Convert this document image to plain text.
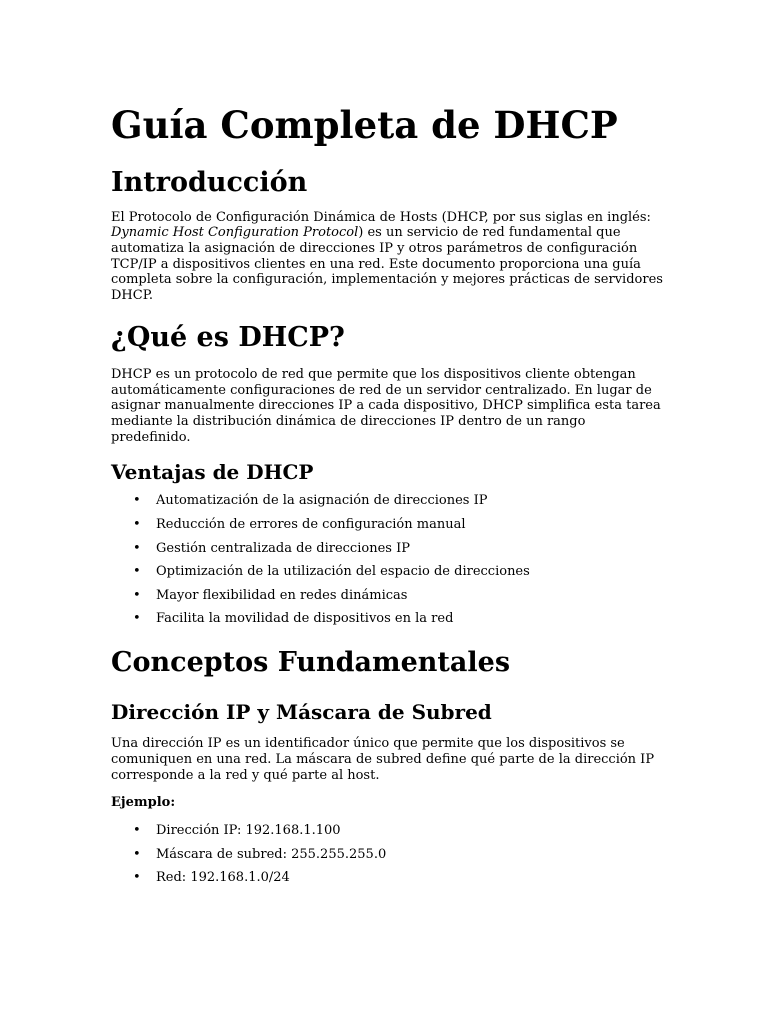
Guía Completa de DHCP
Introducción

El Protocolo de Configuración Dinámica de Hosts (DHCP, por sus siglas en inglés: Dynamic Host Configuration Protocol) es un servicio de red fundamental que automatiza la asignación de direcciones IP y otros parámetros de configuración TCP/IP a dispositivos clientes en una red. Este documento proporciona una guía completa sobre la configuración, implementación y mejores prácticas de servidores DHCP.

¿Qué es DHCP?

DHCP es un protocolo de red que permite que los dispositivos cliente obtengan automáticamente configuraciones de red de un servidor centralizado. En lugar de asignar manualmente direcciones IP a cada dispositivo, DHCP simplifica esta tarea mediante la distribución dinámica de direcciones IP dentro de un rango predefinido.

Ventajas de DHCP
• Automatización de la asignación de direcciones IP
• Reducción de errores de configuración manual
• Gestión centralizada de direcciones IP
• Optimización de la utilización del espacio de direcciones
• Mayor flexibilidad en redes dinámicas
• Facilita la movilidad de dispositivos en la red
Conceptos Fundamentales
Dirección IP y Máscara de Subred

Una dirección IP es un identificador único que permite que los dispositivos se comuniquen en una red. La máscara de subred define qué parte de la dirección IP corresponde a la red y qué parte al host.

Ejemplo:

• Dirección IP: 192.168.1.100
• Máscara de subred: 255.255.255.0
• Red: 192.168.1.0/24
